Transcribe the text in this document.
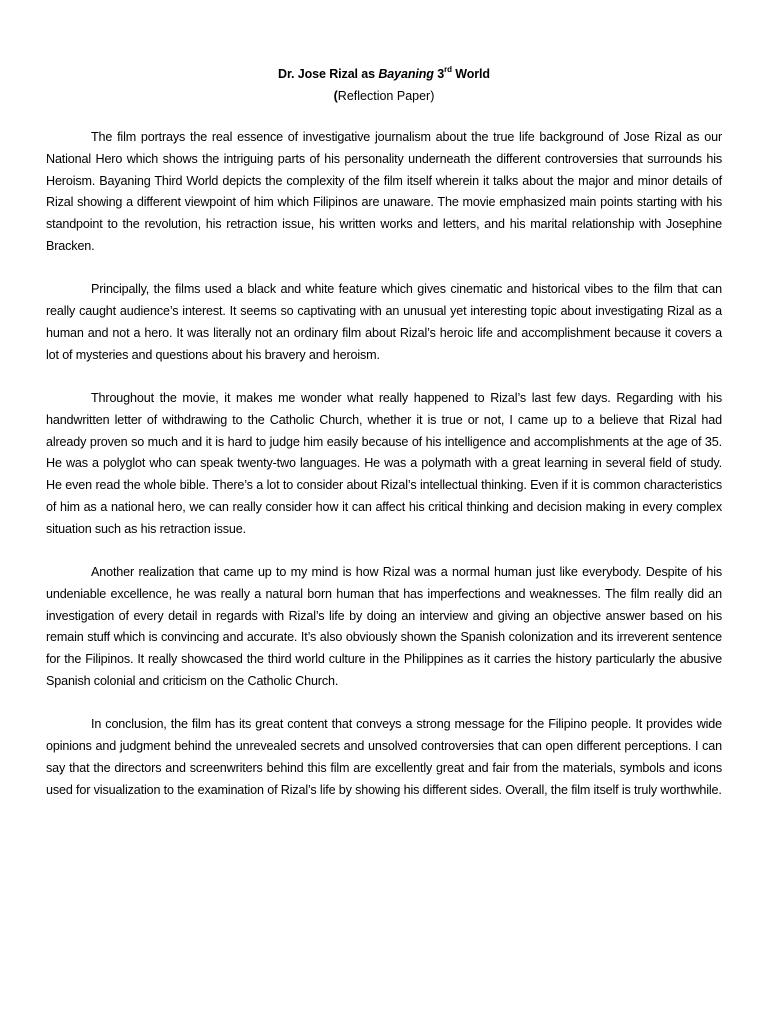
Dr. Jose Rizal as Bayaning 3rd World
(Reflection Paper)

The film portrays the real essence of investigative journalism about the true life background of Jose Rizal as our National Hero which shows the intriguing parts of his personality underneath the different controversies that surrounds his Heroism. Bayaning Third World depicts the complexity of the film itself wherein it talks about the major and minor details of Rizal showing a different viewpoint of him which Filipinos are unaware. The movie emphasized main points starting with his standpoint to the revolution, his retraction issue, his written works and letters, and his marital relationship with Josephine Bracken.

Principally, the films used a black and white feature which gives cinematic and historical vibes to the film that can really caught audience’s interest. It seems so captivating with an unusual yet interesting topic about investigating Rizal as a human and not a hero. It was literally not an ordinary film about Rizal’s heroic life and accomplishment because it covers a lot of mysteries and questions about his bravery and heroism.

Throughout the movie, it makes me wonder what really happened to Rizal’s last few days. Regarding with his handwritten letter of withdrawing to the Catholic Church, whether it is true or not, I came up to a believe that Rizal had already proven so much and it is hard to judge him easily because of his intelligence and accomplishments at the age of 35. He was a polyglot who can speak twenty-two languages. He was a polymath with a great learning in several field of study. He even read the whole bible. There’s a lot to consider about Rizal’s intellectual thinking. Even if it is common characteristics of him as a national hero, we can really consider how it can affect his critical thinking and decision making in every complex situation such as his retraction issue.

Another realization that came up to my mind is how Rizal was a normal human just like everybody. Despite of his undeniable excellence, he was really a natural born human that has imperfections and weaknesses. The film really did an investigation of every detail in regards with Rizal’s life by doing an interview and giving an objective answer based on his remain stuff which is convincing and accurate. It’s also obviously shown the Spanish colonization and its irreverent sentence for the Filipinos. It really showcased the third world culture in the Philippines as it carries the history particularly the abusive Spanish colonial and criticism on the Catholic Church.

In conclusion, the film has its great content that conveys a strong message for the Filipino people. It provides wide opinions and judgment behind the unrevealed secrets and unsolved controversies that can open different perceptions. I can say that the directors and screenwriters behind this film are excellently great and fair from the materials, symbols and icons used for visualization to the examination of Rizal’s life by showing his different sides. Overall, the film itself is truly worthwhile.
